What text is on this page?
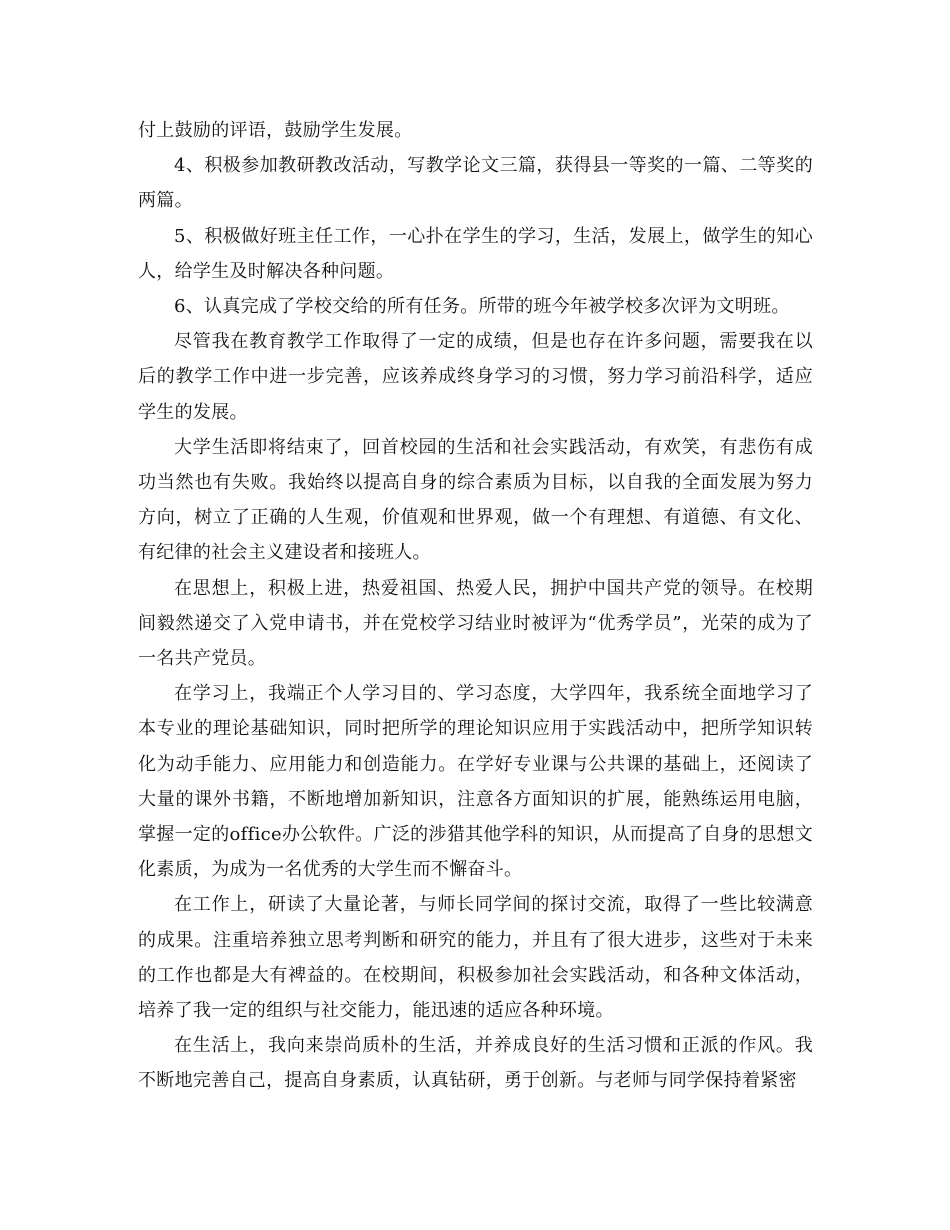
付上鼓励的评语，鼓励学生发展。

4、积极参加教研教改活动，写教学论文三篇，获得县一等奖的一篇、二等奖的两篇。

5、积极做好班主任工作，一心扑在学生的学习，生活，发展上，做学生的知心人，给学生及时解决各种问题。

6、认真完成了学校交给的所有任务。所带的班今年被学校多次评为文明班。

尽管我在教育教学工作取得了一定的成绩，但是也存在许多问题，需要我在以后的教学工作中进一步完善，应该养成终身学习的习惯，努力学习前沿科学，适应学生的发展。

大学生活即将结束了，回首校园的生活和社会实践活动，有欢笑，有悲伤有成功当然也有失败。我始终以提高自身的综合素质为目标，以自我的全面发展为努力方向，树立了正确的人生观，价值观和世界观，做一个有理想、有道德、有文化、有纪律的社会主义建设者和接班人。

在思想上，积极上进，热爱祖国、热爱人民，拥护中国共产党的领导。在校期间毅然递交了入党申请书，并在党校学习结业时被评为“优秀学员”，光荣的成为了一名共产党员。

在学习上，我端正个人学习目的、学习态度，大学四年，我系统全面地学习了本专业的理论基础知识，同时把所学的理论知识应用于实践活动中，把所学知识转化为动手能力、应用能力和创造能力。在学好专业课与公共课的基础上，还阅读了大量的课外书籍，不断地增加新知识，注意各方面知识的扩展，能熟练运用电脑，掌握一定的office办公软件。广泛的涉猎其他学科的知识，从而提高了自身的思想文化素质，为成为一名优秀的大学生而不懈奋斗。

在工作上，研读了大量论著，与师长同学间的探讨交流，取得了一些比较满意的成果。注重培养独立思考判断和研究的能力，并且有了很大进步，这些对于未来的工作也都是大有裨益的。在校期间，积极参加社会实践活动，和各种文体活动，培养了我一定的组织与社交能力，能迅速的适应各种环境。

在生活上，我向来崇尚质朴的生活，并养成良好的生活习惯和正派的作风。我不断地完善自己，提高自身素质，认真钻研，勇于创新。与老师与同学保持着紧密
